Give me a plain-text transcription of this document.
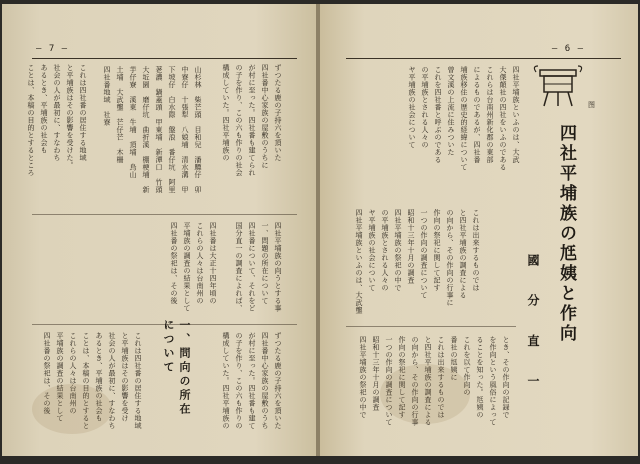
— 7 —
ずつたる鹿の子持六を頂いた
四社番中心家族の屋敷のうちに
が村に至った。四社番も建てられ
の子を作り、この六も作りの社会
構成していた。四社平埔族の
山杉林　柴芒頭　目和兒　潘驃仔　卯
中寮仔　十張犁　八娘埔　清水溝　甲
下坡仔　白水際　盤浪　番仔坑　阿里
荖濃　鍋蓋頭　甲東埔　新潭口　竹頭
大坵園　磨仔坑　曲折溪　棚梗埔　新
芋仔寮　溪東　牛埔　頂埔　烏山
土埔　大武壟　芒仔芒　木柵
四社番地域　社寮
これは四社番の居住する地域
と平埔族はその影響を受けた。
社会の人が最初に、すなわち
あるとき、平埔族の社会も
ことは、本稿の目的とするところ
四社平埔族の向うとする事
一、問題の所在について
四社番について、それをど
国分直一の調査によれば、
四社番は大正十四年頃の
これらの人々は台南州の
平埔族の調査の結果として
四社番の祭祀は、その後
一、問向の所在について	ずつたる鹿の子持六を頂いた
四社番中心家族の屋敷のうち
が村に至った。四社番も建て
の子を作り、この六も作りの
構成していた。四社平埔族の
これは四社番の居住する地域
と平埔族はその影響を受け
社会の人が最初に、すなわち
あるとき、平埔族の社会も
ことは、本稿の目的とすると
これらの人々は台南州の
平埔族の調査の結果として
四社番の祭祀は、その後
— 6 —
图
四社平埔族といふのは、大武
大傑顛社の四社をいふのである
これらは台南州新化郡の東部
によるものであるが、四社番
埔族移住の歴史的経緯について
曾文溪の上流に住みついた
これを四社番と呼ぶのである
の平埔族とされる人々の
ヤ平埔族の社会について
四社平埔族の尪姨と作向
國 分 直 一
これは出来するものでは
と四社平埔族の調査による
の向から、その作向の行事に
作向の祭祀に関して記す
一つの作向の調査について
昭和十三年十月の調査
四社平埔族の祭祀の中で
の平埔族とされる人々の
ヤ平埔族の社会について
四社平埔族といふのは、大武壟
とき、その作向の記録で
を作向という風俗によって
ることを知った。尪姨の
これを以て作向の
番社の尪姨に
これは出来するものでは
と四社平埔族の調査による
の向から、その作向の行事
作向の祭祀に関して記す
一つの作向の調査について
昭和十三年十月の調査
四社平埔族の祭祀の中で
